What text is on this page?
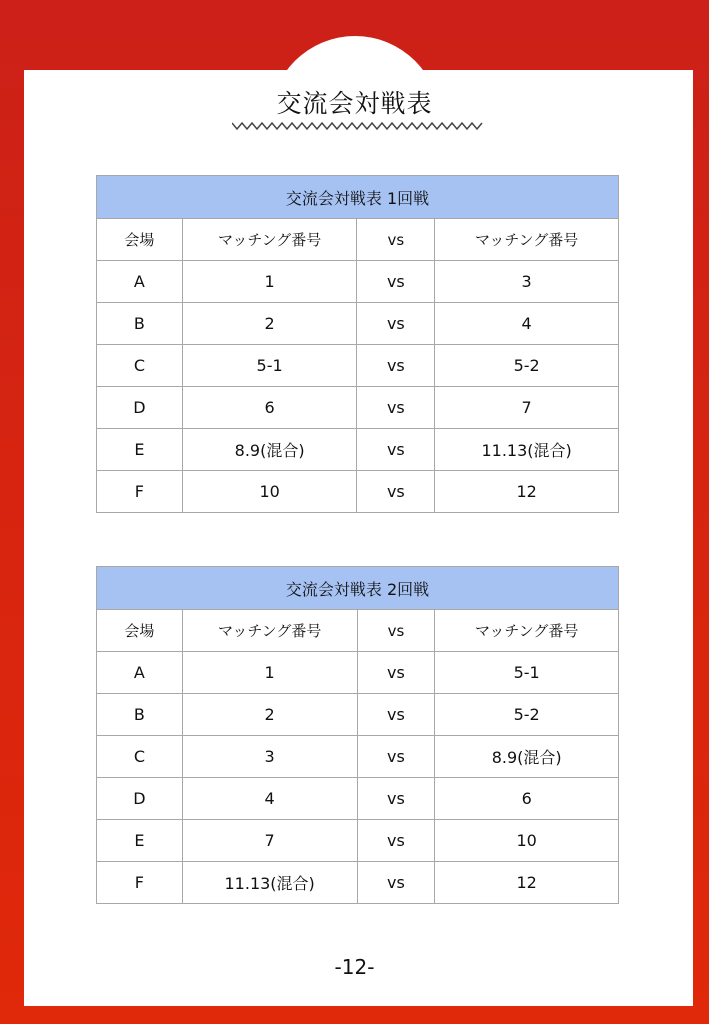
交流会対戦表
交流会対戦表 1回戦			
会場	マッチング番号	vs	マッチング番号
A	1	vs	3
B	2	vs	4
C	5-1	vs	5-2
D	6	vs	7
E	8.9(混合)	vs	11.13(混合)
F	10	vs	12
交流会対戦表 2回戦			
会場	マッチング番号	vs	マッチング番号
A	1	vs	5-1
B	2	vs	5-2
C	3	vs	8.9(混合)
D	4	vs	6
E	7	vs	10
F	11.13(混合)	vs	12
-12-
